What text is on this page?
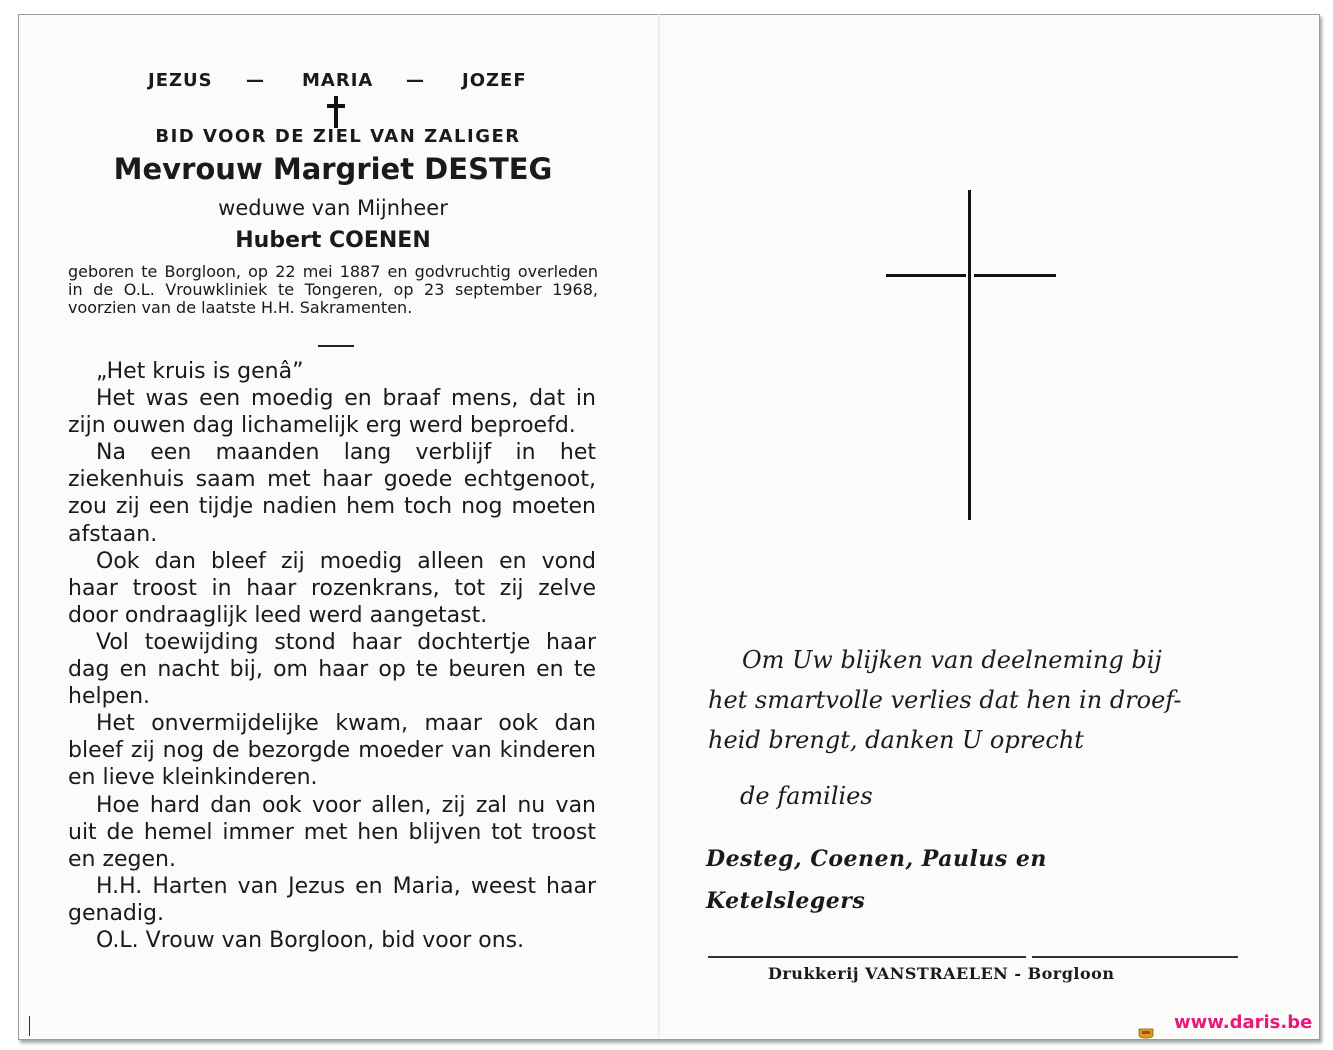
JEZUS — MARIA — JOZEF
BID VOOR DE ZIEL VAN ZALIGER
Mevrouw Margriet DESTEG
weduwe van Mijnheer
Hubert COENEN
geboren te Borgloon, op 22 mei 1887 en godvruchtig overleden in de O.L. Vrouwkliniek te Tongeren, op 23 september 1968, voorzien van de laatste H.H. Sakramenten.
„Het kruis is genâ”
Het was een moedig en braaf mens, dat in zijn ouwen dag lichamelijk erg werd beproefd.
Na een maanden lang verblijf in het ziekenhuis saam met haar goede echtgenoot, zou zij een tijdje nadien hem toch nog moeten afstaan.
Ook dan bleef zij moedig alleen en vond haar troost in haar rozenkrans, tot zij zelve door ondraaglijk leed werd aangetast.
Vol toewijding stond haar dochtertje haar dag en nacht bij, om haar op te beuren en te helpen.
Het onvermijdelijke kwam, maar ook dan bleef zij nog de bezorgde moeder van kinderen en lieve kleinkinderen.
Hoe hard dan ook voor allen, zij zal nu van uit de hemel immer met hen blijven tot troost en zegen.
H.H. Harten van Jezus en Maria, weest haar genadig.
O.L. Vrouw van Borgloon, bid voor ons.
Om Uw blijken van deelneming bij
het smartvolle verlies dat hen in droef-
heid brengt, danken U oprecht
de families
Desteg, Coenen, Paulus en
Ketelslegers
Drukkerij VANSTRAELEN - Borgloon
www.daris.be
